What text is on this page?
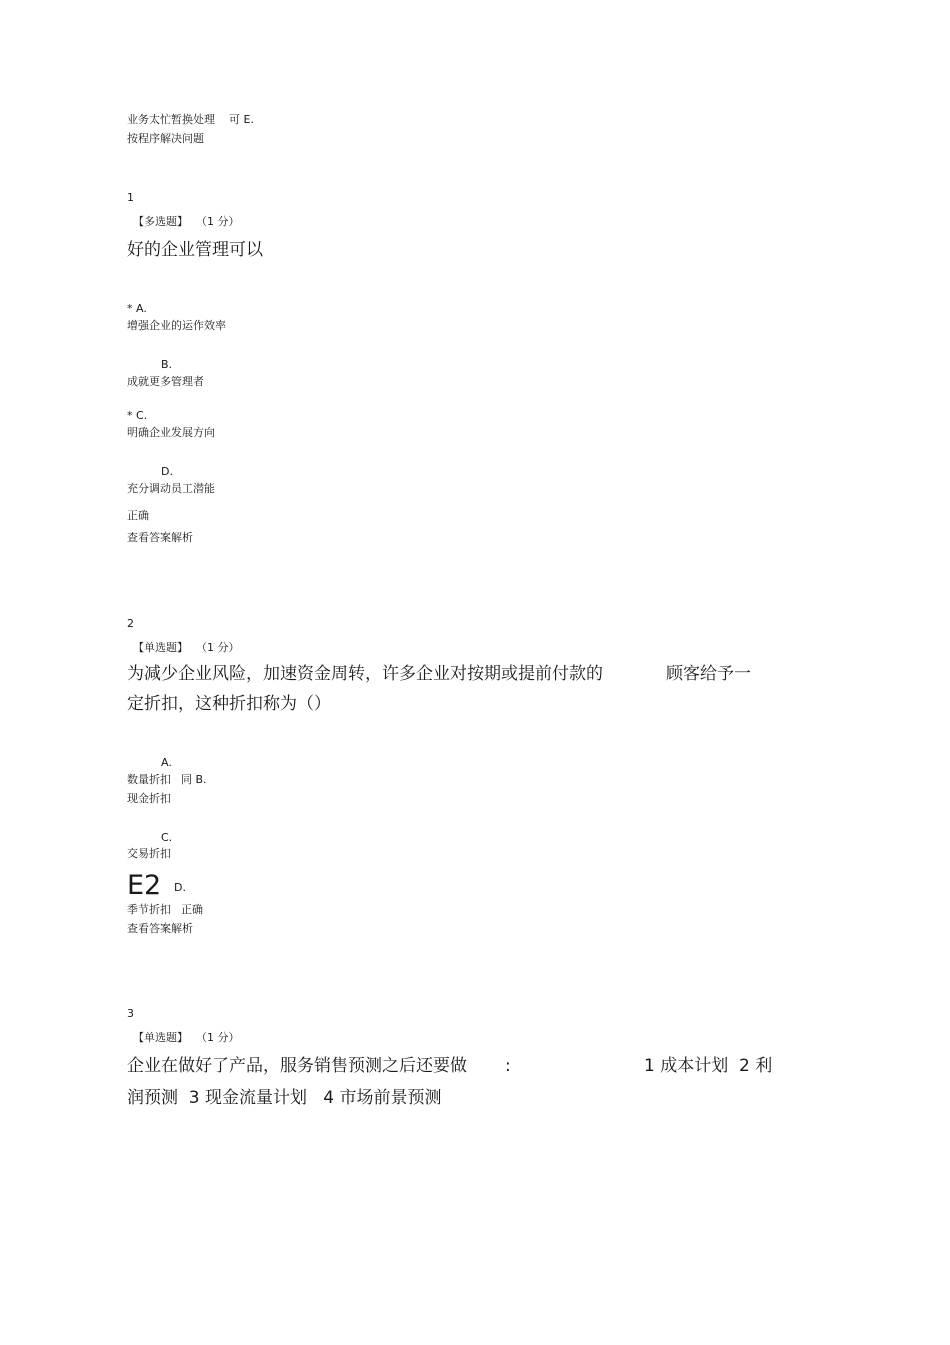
业务太忙暂换处理 可 E.
按程序解决问题
1
【多选题】 （1 分）
好的企业管理可以
* A.
增强企业的运作效率
B.
成就更多管理者
* C.
明确企业发展方向
D.
充分调动员工潜能
正确
查看答案解析
2
【单选题】 （1 分）
为减少企业风险，加速资金周转，许多企业对按期或提前付款的	顾客给予一
定折扣，这种折扣称为（）
A.
数量折扣 同 B.
现金折扣
C.
交易折扣
E2 D.
季节折扣 正确
查看答案解析
3
【单选题】 （1 分）
企业在做好了产品，服务销售预测之后还要做 :	1 成本计划  2 利
润预测  3 现金流量计划   4 市场前景预测
